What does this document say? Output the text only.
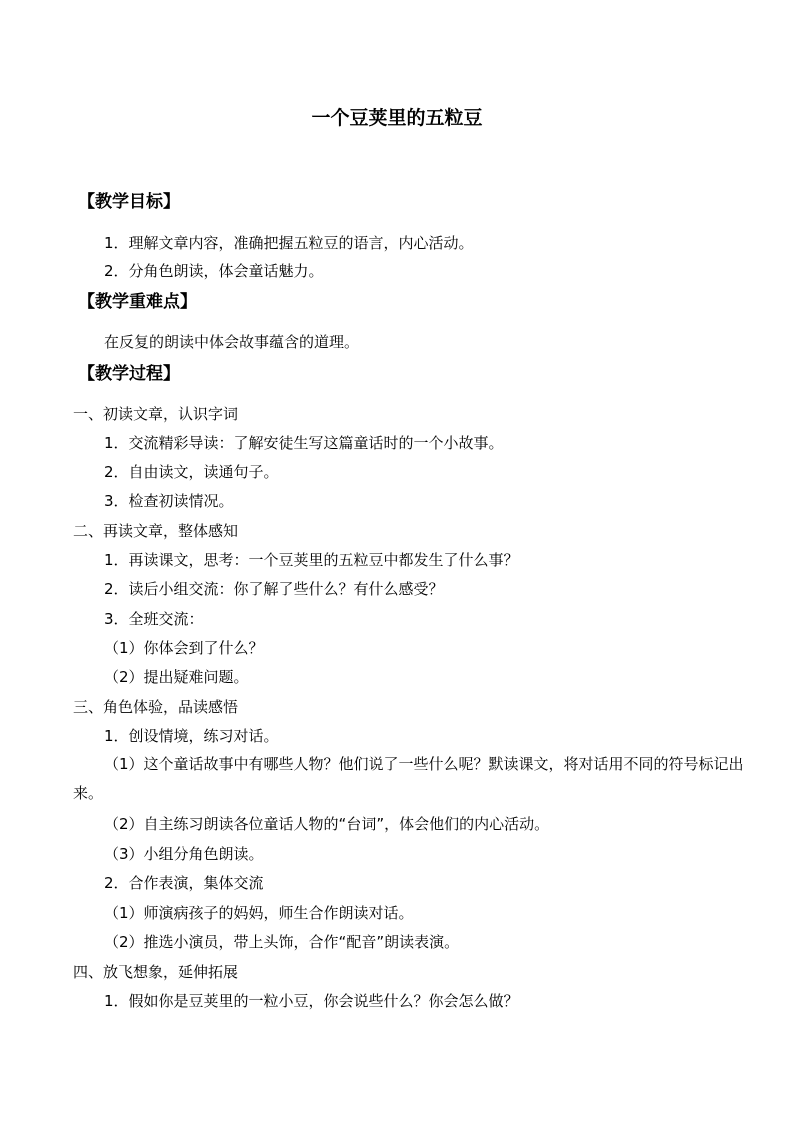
一个豆荚里的五粒豆
【教学目标】
1．理解文章内容，准确把握五粒豆的语言，内心活动。
2．分角色朗读，体会童话魅力。
【教学重难点】
在反复的朗读中体会故事蕴含的道理。
【教学过程】
一、初读文章，认识字词
1．交流精彩导读：了解安徒生写这篇童话时的一个小故事。
2．自由读文，读通句子。
3．检查初读情况。
二、再读文章，整体感知
1．再读课文，思考：一个豆荚里的五粒豆中都发生了什么事？
2．读后小组交流：你了解了些什么？有什么感受？
3．全班交流：
（1）你体会到了什么？
（2）提出疑难问题。
三、角色体验，品读感悟
1．创设情境，练习对话。
（1）这个童话故事中有哪些人物？他们说了一些什么呢？默读课文，将对话用不同的符号标记出来。
（2）自主练习朗读各位童话人物的“台词”，体会他们的内心活动。
（3）小组分角色朗读。
2．合作表演，集体交流
（1）师演病孩子的妈妈，师生合作朗读对话。
（2）推选小演员，带上头饰，合作“配音”朗读表演。
四、放飞想象，延伸拓展
1．假如你是豆荚里的一粒小豆，你会说些什么？你会怎么做？
